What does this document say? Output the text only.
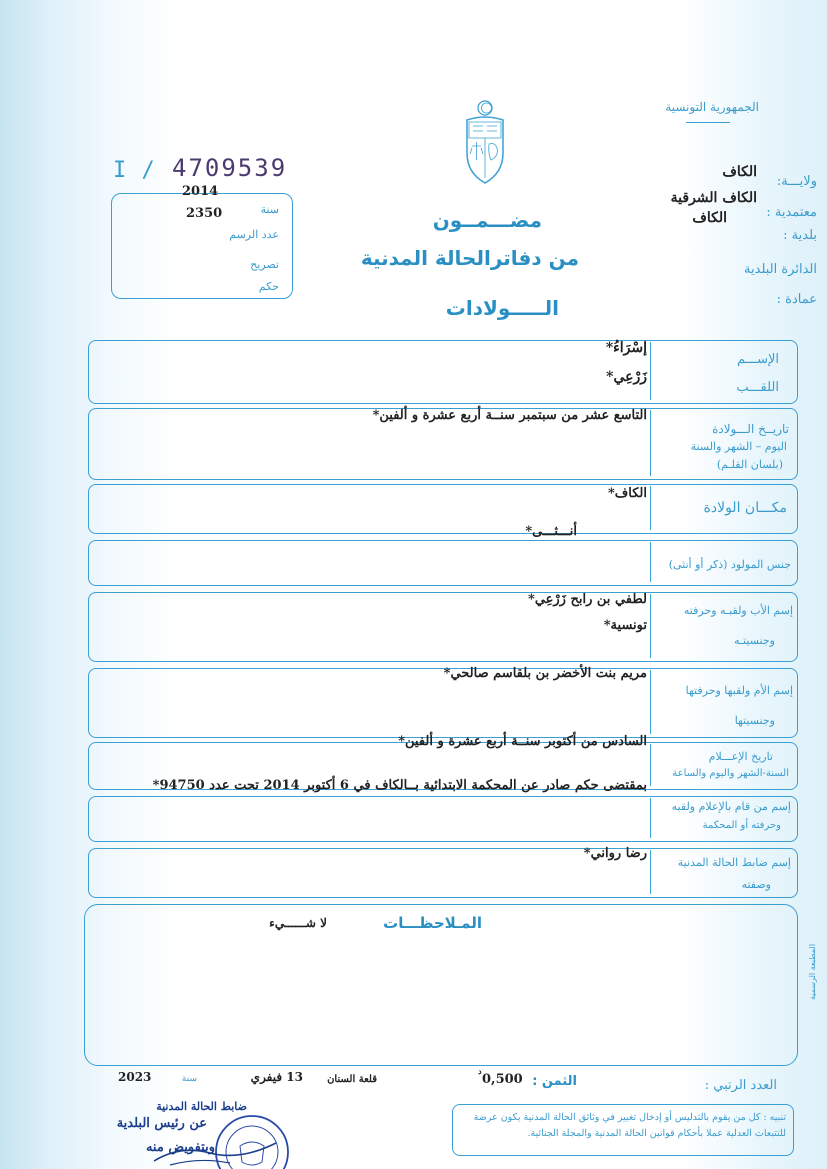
الجمهورية التونسية
ولايـــة:
الكاف
معتمدية :
الكاف الشرقية
بلدية :
الكاف
الدائرة البلدية
عمادة :
I / 4709539
2014
سنة
2350
عدد الرسم
تصريح
حكم
مضـــمــون
من دفاترالحالة المدنية
الـــــولادات
الإســـم
اللقـــب
إسْرَاءُ*
زَرْعِي*
تاريــخ الـــولادة
اليوم – الشهر والسنة
(بلسان القلـم)
التاسع عشر من سبتمبر سنــة أربع عشرة و ألفين*
مكـــان الولادة
الكاف*
أنـــثـــى*
جنس المولود (ذكر أو أنثى)
إسم الأب ولقبـه وحرفته
وجنسيتـه
لطفي بن رابح زَرْعِي*
تونسية*
إسم الأم ولقبها وحرفتها
وجنسيتها
مريم بنت الأخضر بن بلقاسم صالحي*
تاريخ الإعـــلام
السنة-الشهر واليوم والساعة
السادس من أكتوبر سنــة أربع عشرة و ألفين*
بمقتضى حكم صادر عن المحكمة الابتدائية بــالكاف في 6 أكتوبر 2014 تحت عدد 94750*
إسم من قام بالإعلام ولقبه
وحرفته أو المحكمة
إسم ضابط الحالة المدنية
وصفته
رضا رواني*
المـلاحظـــات
لا شــــــيء
المطبعة الرسمية
العدد الرتبي :
الثمن :
0,500
د
قلعة السنان
13 فيفري
سنة
2023
تنبيه : كل من يقوم بالتدليس أو إدخال تغيير في وثائق الحالة المدنية يكون عرضة للتتبعات العدلية عملا بأحكام قوانين الحالة المدنية والمجلة الجنائية.
ضابط الحالة المدنية
عن رئيس البلدية
وبتفويض منه
